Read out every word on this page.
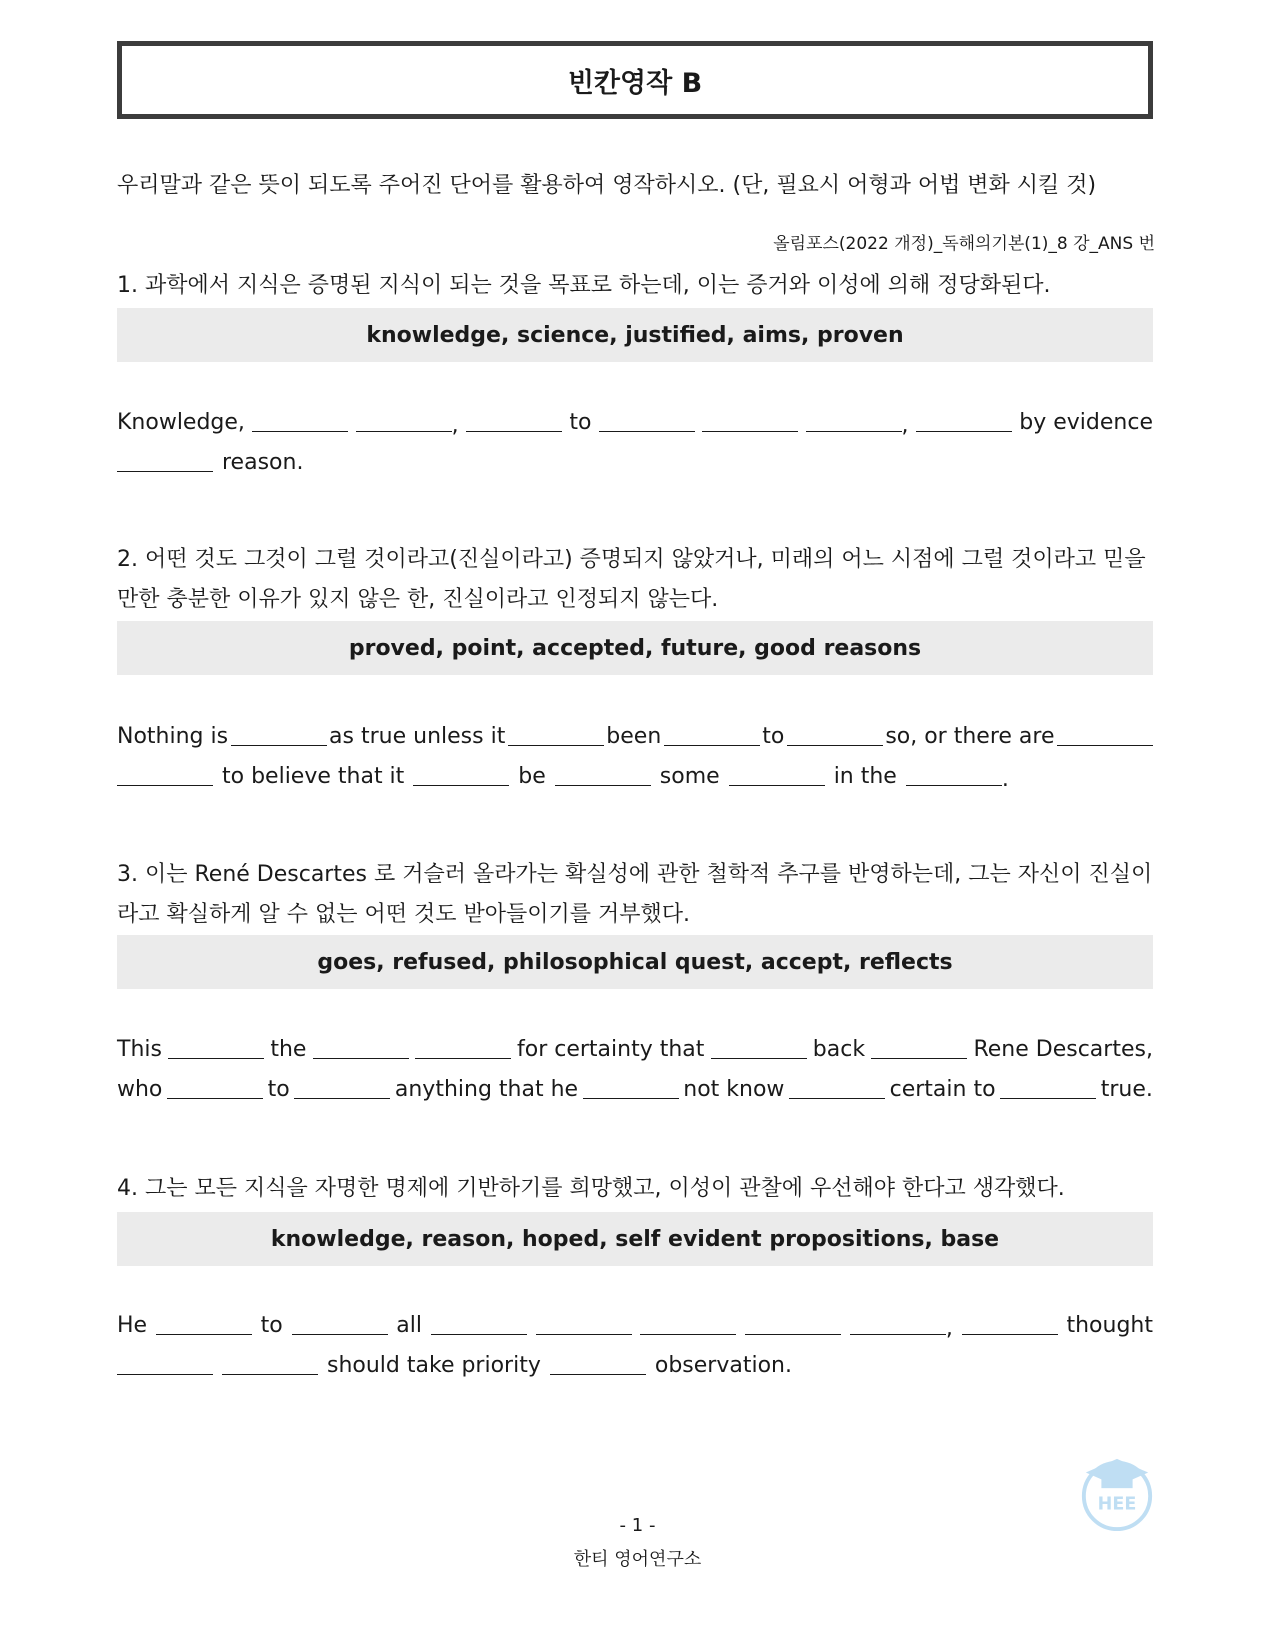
빈칸영작 B
우리말과 같은 뜻이 되도록 주어진 단어를 활용하여 영작하시오. (단, 필요시 어형과 어법 변화 시킬 것)
올림포스(2022 개정)_독해의기본(1)_8 강_ANS 번
1. 과학에서 지식은 증명된 지식이 되는 것을 목표로 하는데, 이는 증거와 이성에 의해 정당화된다.
knowledge, science, justified, aims, proven
Knowledge,	,	to	,	by evidence
reason.
2. 어떤 것도 그것이 그럴 것이라고(진실이라고) 증명되지 않았거나, 미래의 어느 시점에 그럴 것이라고 믿을 만한 충분한 이유가 있지 않은 한, 진실이라고 인정되지 않는다.
proved, point, accepted, future, good reasons
Nothing is	as true unless it	been	to	so, or there are
to believe that it	be	some	in the	.
3. 이는 René Descartes 로 거슬러 올라가는 확실성에 관한 철학적 추구를 반영하는데, 그는 자신이 진실이라고 확실하게 알 수 없는 어떤 것도 받아들이기를 거부했다.
goes, refused, philosophical quest, accept, reflects
This	the	for certainty that	back	Rene Descartes,
who	to	anything that he	not know	certain to	true.
4. 그는 모든 지식을 자명한 명제에 기반하기를 희망했고, 이성이 관찰에 우선해야 한다고 생각했다.
knowledge, reason, hoped, self evident propositions, base
He	to	all	,	thought
should take priority	observation.
HEE
- 1 -
한티 영어연구소
